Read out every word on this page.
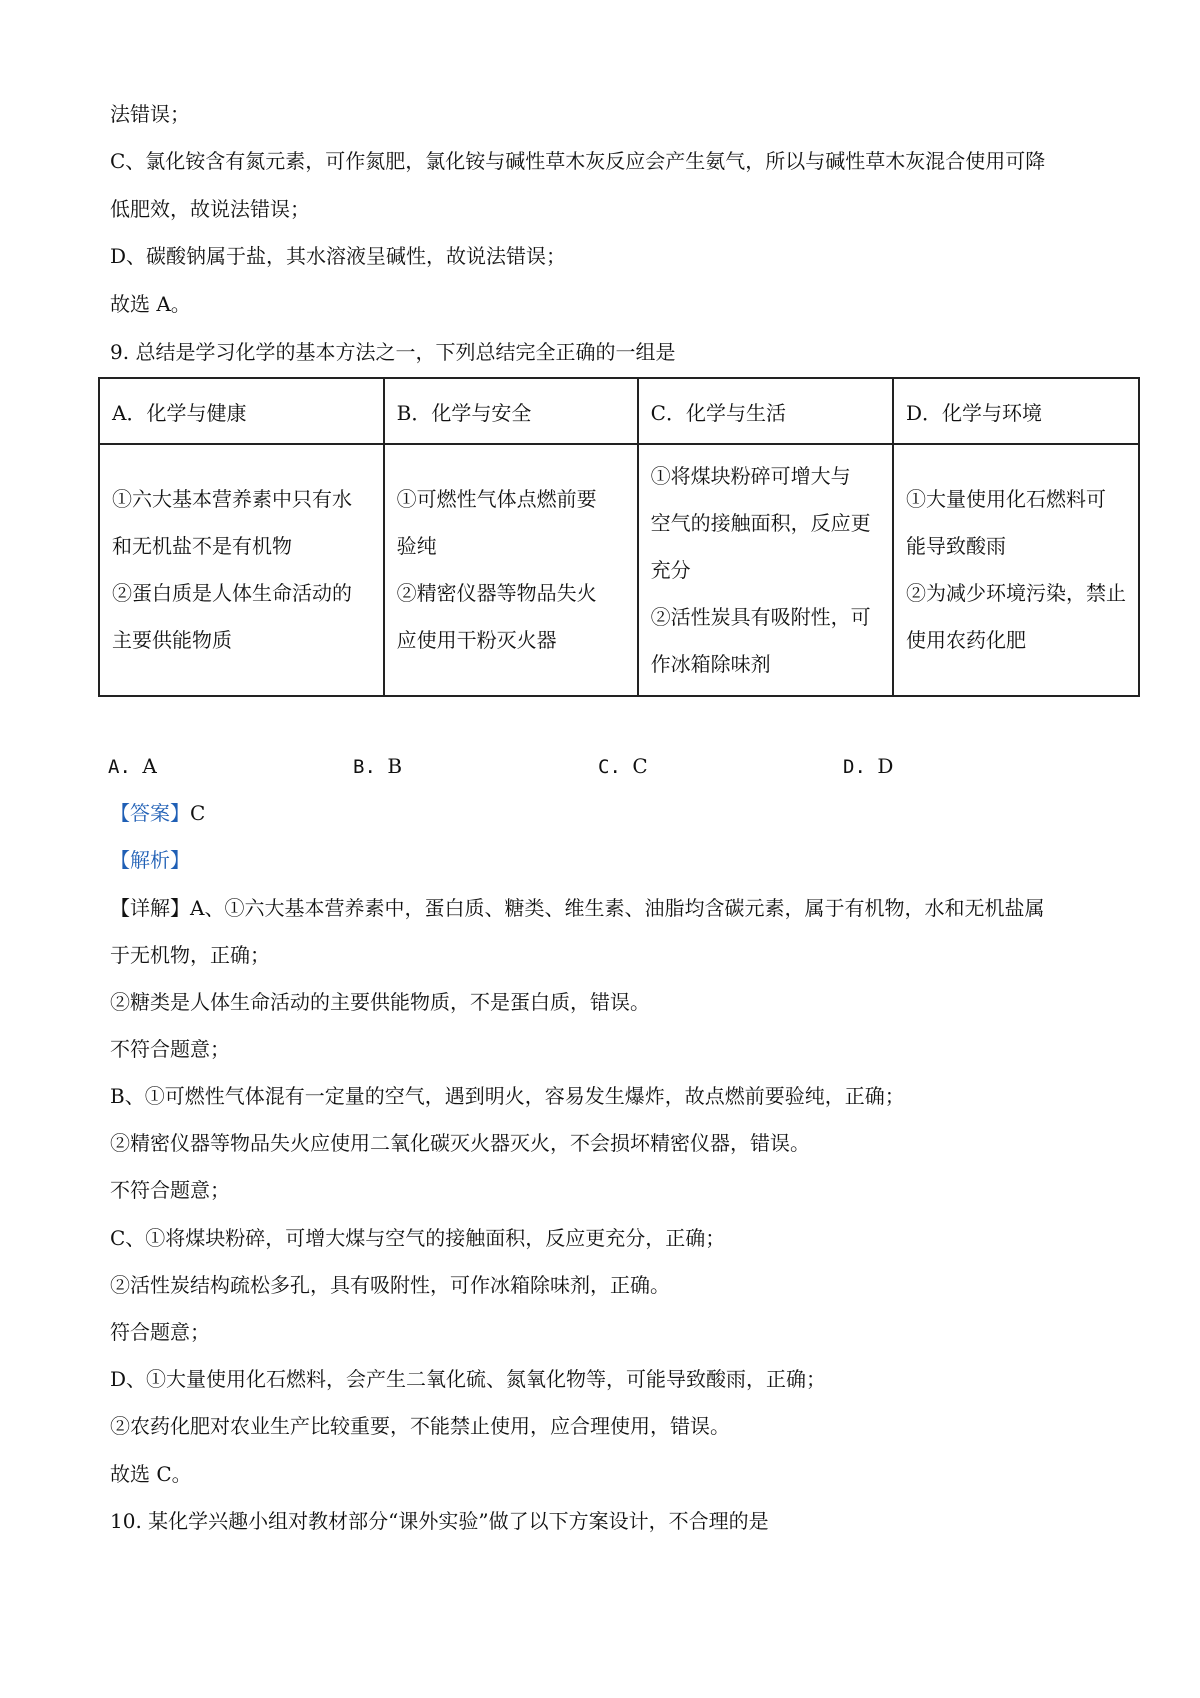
法错误；
C、氯化铵含有氮元素，可作氮肥，氯化铵与碱性草木灰反应会产生氨气，所以与碱性草木灰混合使用可降
低肥效，故说法错误；
D、碳酸钠属于盐，其水溶液呈碱性，故说法错误；
故选 A。
9. 总结是学习化学的基本方法之一，下列总结完全正确的一组是
A．化学与健康	B．化学与安全	C．化学与生活	D．化学与环境

①六大基本营养素中只有水
和无机盐不是有机物
②蛋白质是人体生命活动的
主要供能物质	①可燃性气体点燃前要
验纯
②精密仪器等物品失火
应使用干粉灭火器	①将煤块粉碎可增大与
空气的接触面积，反应更
充分
②活性炭具有吸附性，可
作冰箱除味剂	①大量使用化石燃料可
能导致酸雨
②为减少环境污染，禁止
使用农药化肥
A. A	B. B	C. C	D. D
【答案】C
【解析】
【详解】A、①六大基本营养素中，蛋白质、糖类、维生素、油脂均含碳元素，属于有机物，水和无机盐属
于无机物，正确；
②糖类是人体生命活动的主要供能物质，不是蛋白质，错误。
不符合题意；
B、①可燃性气体混有一定量的空气，遇到明火，容易发生爆炸，故点燃前要验纯，正确；
②精密仪器等物品失火应使用二氧化碳灭火器灭火，不会损坏精密仪器，错误。
不符合题意；
C、①将煤块粉碎，可增大煤与空气的接触面积，反应更充分，正确；
②活性炭结构疏松多孔，具有吸附性，可作冰箱除味剂，正确。
符合题意；
D、①大量使用化石燃料，会产生二氧化硫、氮氧化物等，可能导致酸雨，正确；
②农药化肥对农业生产比较重要，不能禁止使用，应合理使用，错误。
故选 C。
10. 某化学兴趣小组对教材部分“课外实验”做了以下方案设计，不合理的是
